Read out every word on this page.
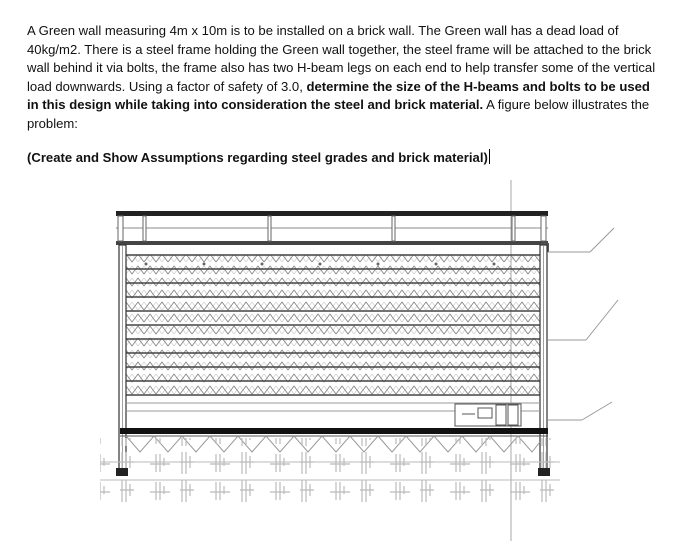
A Green wall measuring 4m x 10m is to be installed on a brick wall. The Green wall has a dead load of 40kg/m2. There is a steel frame holding the Green wall together, the steel frame will be attached to the brick wall behind it via bolts, the frame also has two H-beam legs on each end to help transfer some of the vertical load downwards. Using a factor of safety of 3.0, determine the size of the H-beams and bolts to be used in this design while taking into consideration the steel and brick material. A figure below illustrates the problem:
(Create and Show Assumptions regarding steel grades and brick material)
